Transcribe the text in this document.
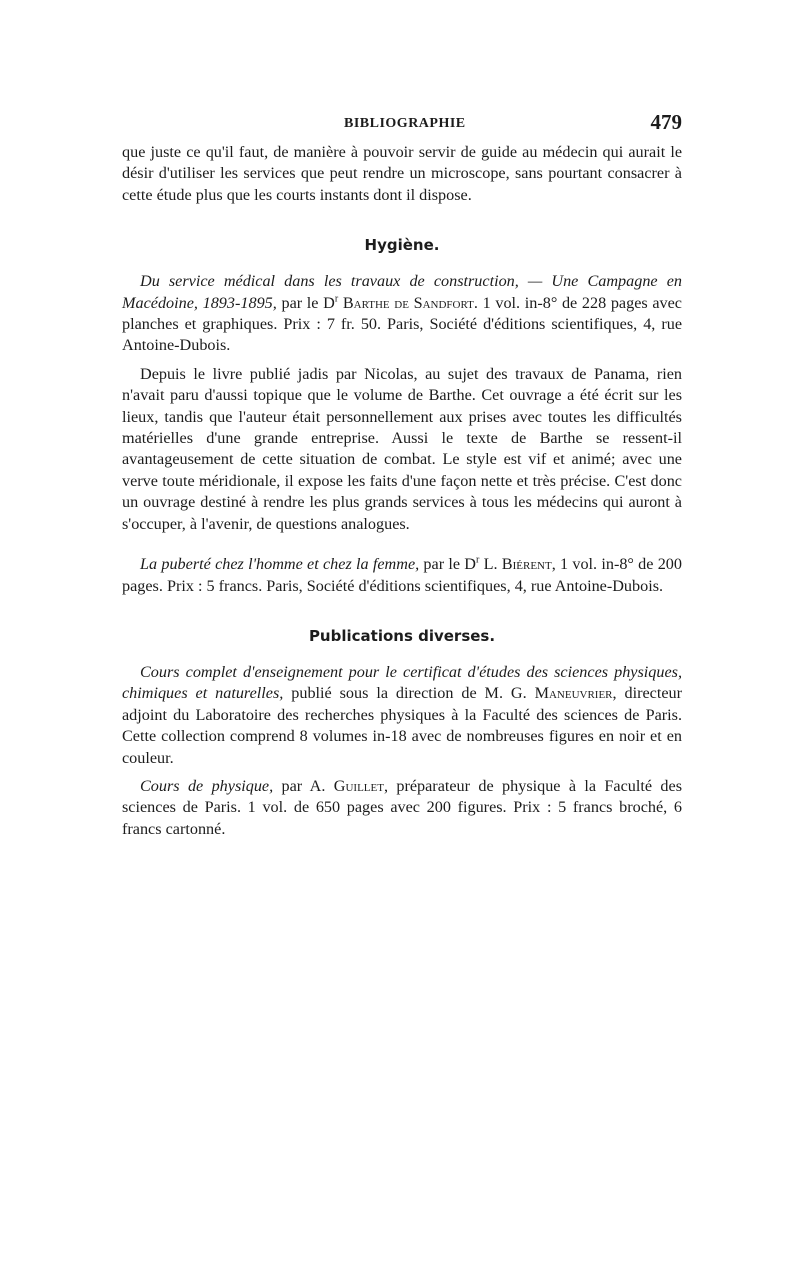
BIBLIOGRAPHIE	479

que juste ce qu'il faut, de manière à pouvoir servir de guide au médecin qui aurait le désir d'utiliser les services que peut rendre un microscope, sans pourtant consacrer à cette étude plus que les courts instants dont il dispose.

Hygiène.

Du service médical dans les travaux de construction, — Une Campagne en Macédoine, 1893-1895, par le $D^r$ Barthe de Sandfort. 1 vol. in-8° de 228 pages avec planches et graphiques. Prix : 7 fr. 50. Paris, Société d'éditions scientifiques, 4, rue Antoine-Dubois.

Depuis le livre publié jadis par Nicolas, au sujet des travaux de Panama, rien n'avait paru d'aussi topique que le volume de Barthe. Cet ouvrage a été écrit sur les lieux, tandis que l'auteur était personnellement aux prises avec toutes les difficultés matérielles d'une grande entreprise. Aussi le texte de Barthe se ressent-il avantageusement de cette situation de combat. Le style est vif et animé; avec une verve toute méridionale, il expose les faits d'une façon nette et très précise. C'est donc un ouvrage destiné à rendre les plus grands services à tous les médecins qui auront à s'occuper, à l'avenir, de questions analogues.

La puberté chez l'homme et chez la femme, par le $D^r$ L. Biérent, 1 vol. in-8° de 200 pages. Prix : 5 francs. Paris, Société d'éditions scientifiques, 4, rue Antoine-Dubois.

Publications diverses.

Cours complet d'enseignement pour le certificat d'études des sciences physiques, chimiques et naturelles, publié sous la direction de M. G. Maneuvrier, directeur adjoint du Laboratoire des recherches physiques à la Faculté des sciences de Paris. Cette collection comprend 8 volumes in-18 avec de nombreuses figures en noir et en couleur.

Cours de physique, par A. Guillet, préparateur de physique à la Faculté des sciences de Paris. 1 vol. de 650 pages avec 200 figures. Prix : 5 francs broché, 6 francs cartonné.
